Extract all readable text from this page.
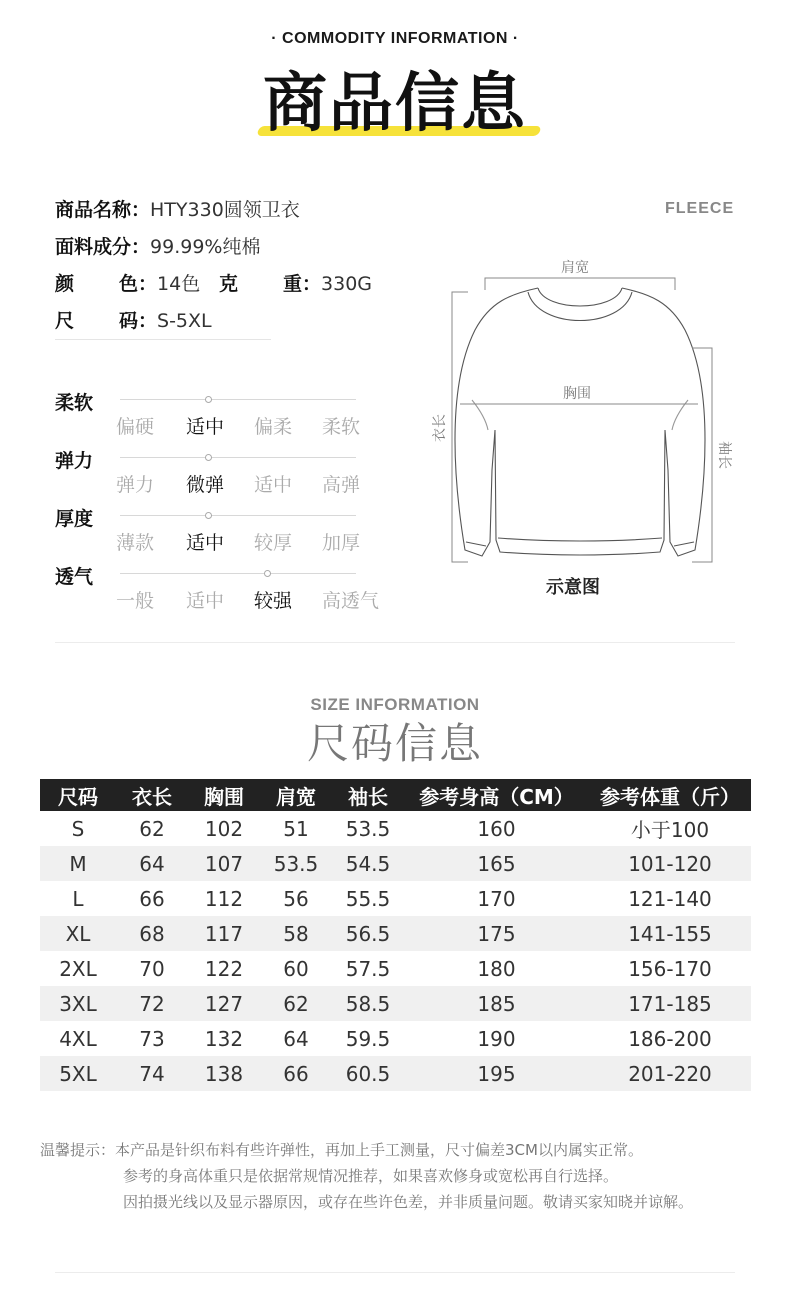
· COMMODITY INFORMATION ·
商品信息
商品名称： HTY330圆领卫衣
面料成分： 99.99%纯棉
颜	色： 14色 克	重： 330G
尺	码： S-5XL
FLEECE
柔软
偏硬 适中 偏柔 柔软
弹力
弹力 微弹 适中 高弹
厚度
薄款 适中 较厚 加厚
透气
一般 适中 较强 高透气
肩宽
胸围
衣长
袖长
示意图
SIZE INFORMATION
尺码信息
尺码	衣长	胸围	肩宽	袖长	参考身高（CM）	参考体重（斤）
S	62	102	51	53.5	160	小于100
M	64	107	53.5	54.5	165	101-120
L	66	112	56	55.5	170	121-140
XL	68	117	58	56.5	175	141-155
2XL	70	122	60	57.5	180	156-170
3XL	72	127	62	58.5	185	171-185
4XL	73	132	64	59.5	190	186-200
5XL	74	138	66	60.5	195	201-220
温馨提示：本产品是针织布料有些许弹性，再加上手工测量，尺寸偏差3CM以内属实正常。
参考的身高体重只是依据常规情况推荐，如果喜欢修身或宽松再自行选择。
因拍摄光线以及显示器原因，或存在些许色差，并非质量问题。敬请买家知晓并谅解。
